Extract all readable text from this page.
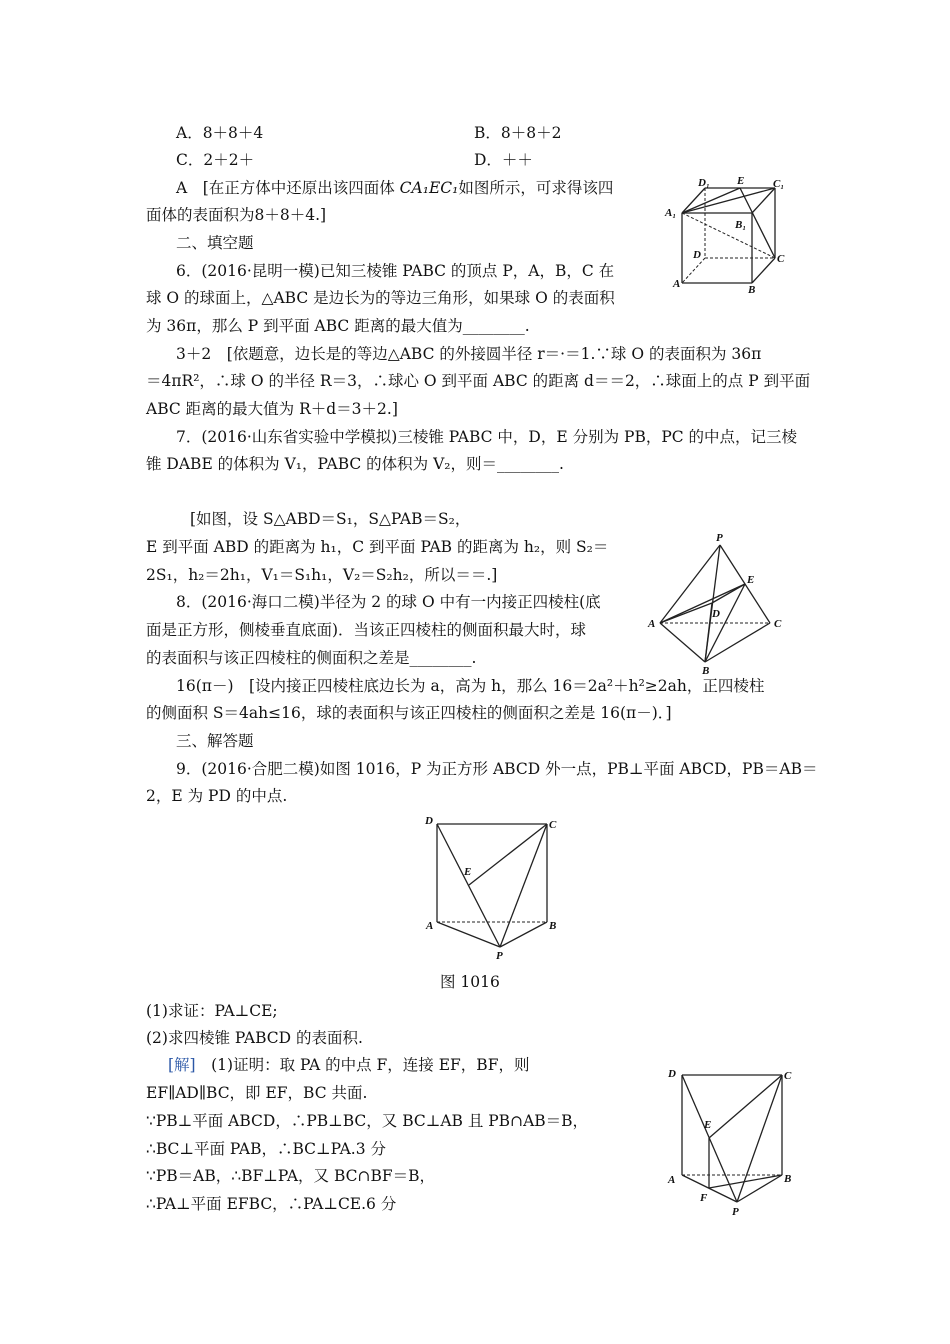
A．8＋8＋4	B．8＋8＋2
C．2＋2＋	D．＋＋
A　[在正方体中还原出该四面体 CA₁EC₁如图所示，可求得该四
面体的表面积为8＋8＋4.]
D₁ E	C₁
A₁
B₁
D	C
A	B
二、填空题
6．(2016·昆明一模)已知三棱锥 PABC 的顶点 P，A，B，C 在
球 O 的球面上，△ABC 是边长为的等边三角形，如果球 O 的表面积
为 36π，那么 P 到平面 ABC 距离的最大值为________.
3＋2　[依题意，边长是的等边△ABC 的外接圆半径 r＝·＝1.∵球 O 的表面积为 36π
＝4πR²，∴球 O 的半径 R＝3，∴球心 O 到平面 ABC 的距离 d＝＝2，∴球面上的点 P 到平面
ABC 距离的最大值为 R＋d＝3＋2.]
7．(2016·山东省实验中学模拟)三棱锥 PABC 中，D，E 分别为 PB，PC 的中点，记三棱
锥 DABE 的体积为 V₁，PABC 的体积为 V₂，则＝________.
[如图，设 S△ABD＝S₁，S△PAB＝S₂，
E 到平面 ABD 的距离为 h₁，C 到平面 PAB 的距离为 h₂，则 S₂＝
2S₁，h₂＝2h₁，V₁＝S₁h₁，V₂＝S₂h₂，所以＝＝.]
P
E
D
A	C
B
8．(2016·海口二模)半径为 2 的球 O 中有一内接正四棱柱(底
面是正方形，侧棱垂直底面)．当该正四棱柱的侧面积最大时，球
的表面积与该正四棱柱的侧面积之差是________.
16(π－)　[设内接正四棱柱底边长为 a，高为 h，那么 16＝2a²＋h²≥2ah，正四棱柱
的侧面积 S＝4ah≤16，球的表面积与该正四棱柱的侧面积之差是 16(π－)．]
三、解答题
9．(2016·合肥二模)如图 1016，P 为正方形 ABCD 外一点，PB⊥平面 ABCD，PB＝AB＝
2，E 为 PD 的中点.
D	C
E
A	B
P
图 1016
(1)求证：PA⊥CE;
(2)求四棱锥 PABCD 的表面积.
[解]　(1)证明：取 PA 的中点 F，连接 EF，BF，则
EF∥AD∥BC，即 EF，BC 共面.
∵PB⊥平面 ABCD，∴PB⊥BC，又 BC⊥AB 且 PB∩AB＝B，
∴BC⊥平面 PAB，∴BC⊥PA.3 分
∵PB＝AB，∴BF⊥PA，又 BC∩BF＝B，
∴PA⊥平面 EFBC，∴PA⊥CE.6 分
D	C
E
A
F
B
P
